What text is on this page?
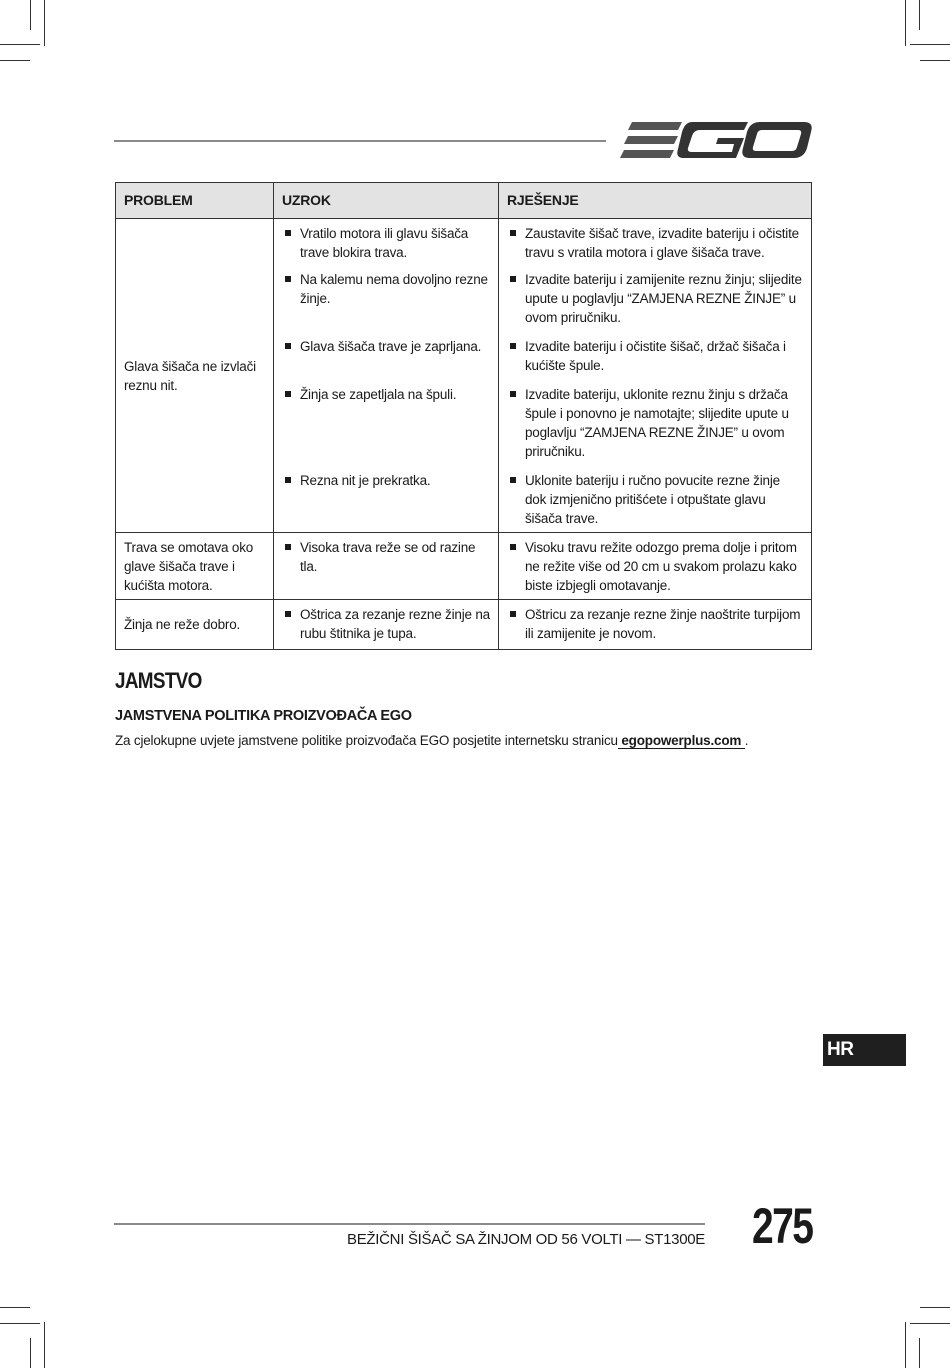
PROBLEM	UZROK	RJEŠENJE
Glava šišača ne izvlači reznu nit.	Vratilo motora ili glavu šišača trave blokira trava.	Zaustavite šišač trave, izvadite bateriju i očistite travu s vratila motora i glave šišača trave.

	Na kalemu nema dovoljno rezne žinje.	Izvadite bateriju i zamijenite reznu žinju; slijedite upute u poglavlju “ZAMJENA REZNE ŽINJE” u ovom priručniku.

	Glava šišača trave je zaprljana.	Izvadite bateriju i očistite šišač, držač šišača i kućište špule.

	Žinja se zapetljala na špuli.	Izvadite bateriju, uklonite reznu žinju s držača špule i ponovno je namotajte; slijedite upute u poglavlju “ZAMJENA REZNE ŽINJE” u ovom priručniku.

	Rezna nit je prekratka.	Uklonite bateriju i ručno povucite rezne žinje dok izmjenično pritišćete i otpuštate glavu šišača trave.

Trava se omotava oko glave šišača trave i kućišta motora.	Visoka trava reže se od razine tla.	Visoku travu režite odozgo prema dolje i pritom ne režite više od 20 cm u svakom prolazu kako biste izbjegli omotavanje.

Žinja ne reže dobro.	Oštrica za rezanje rezne žinje na rubu štitnika je tupa.	Oštricu za rezanje rezne žinje naoštrite turpijom ili zamijenite je novom.
JAMSTVO
JAMSTVENA POLITIKA PROIZVOĐAČA EGO
Za cjelokupne uvjete jamstvene politike proizvođača EGO posjetite internetsku stranicu egopowerplus.com .
HR
BEŽIČNI ŠIŠAČ SA ŽINJOM OD 56 VOLTI — ST1300E 275
